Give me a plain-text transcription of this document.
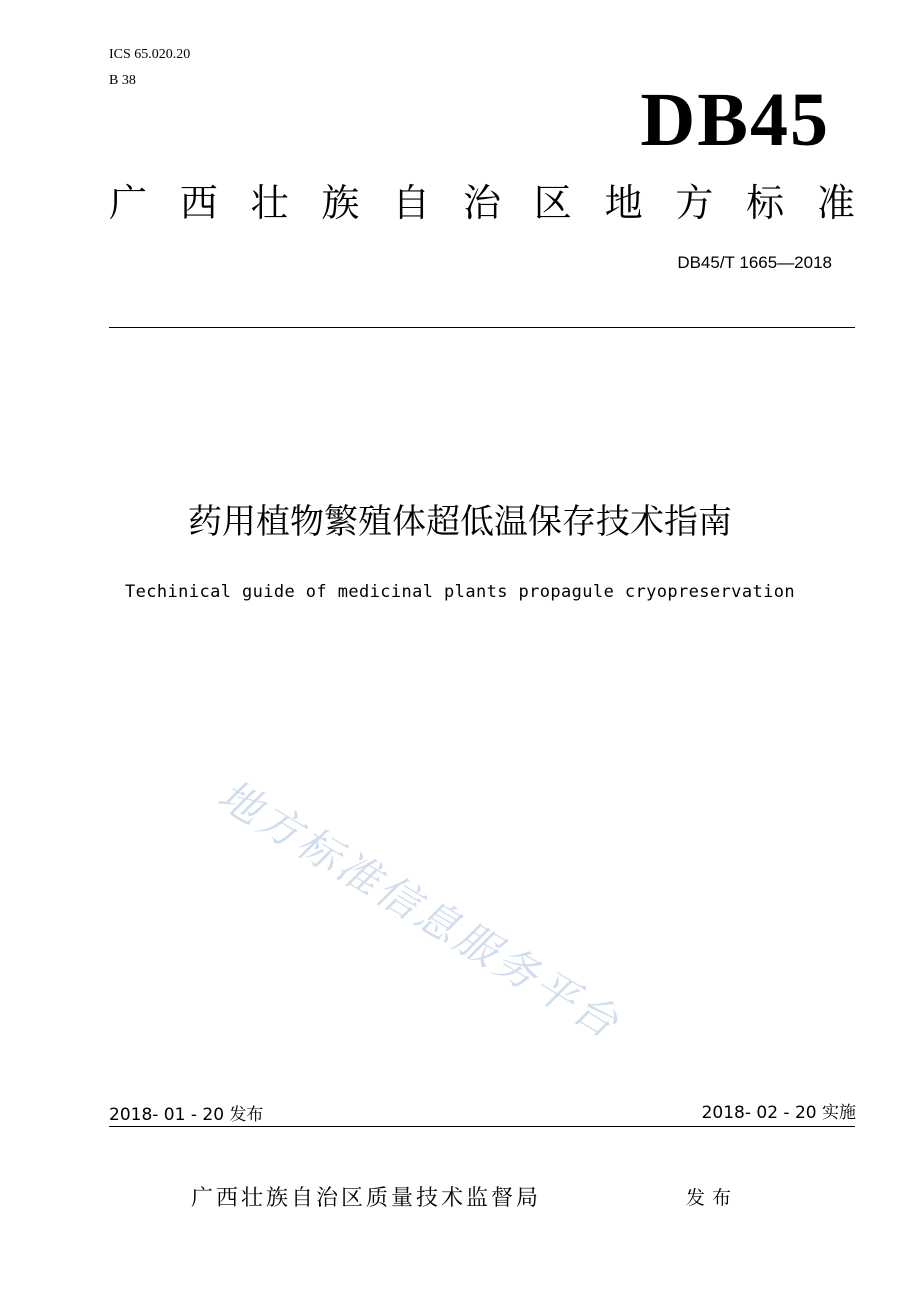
ICS 65.020.20
B 38	DB45
广 西 壮 族 自 治 区 地 方 标 准
DB45/T 1665—2018
药用植物繁殖体超低温保存技术指南
Techinical guide of medicinal plants propagule cryopreservation
地方标准信息服务平台
2018- 01 - 20 发布	2018- 02 - 20 实施
广西壮族自治区质量技术监督局	发布
